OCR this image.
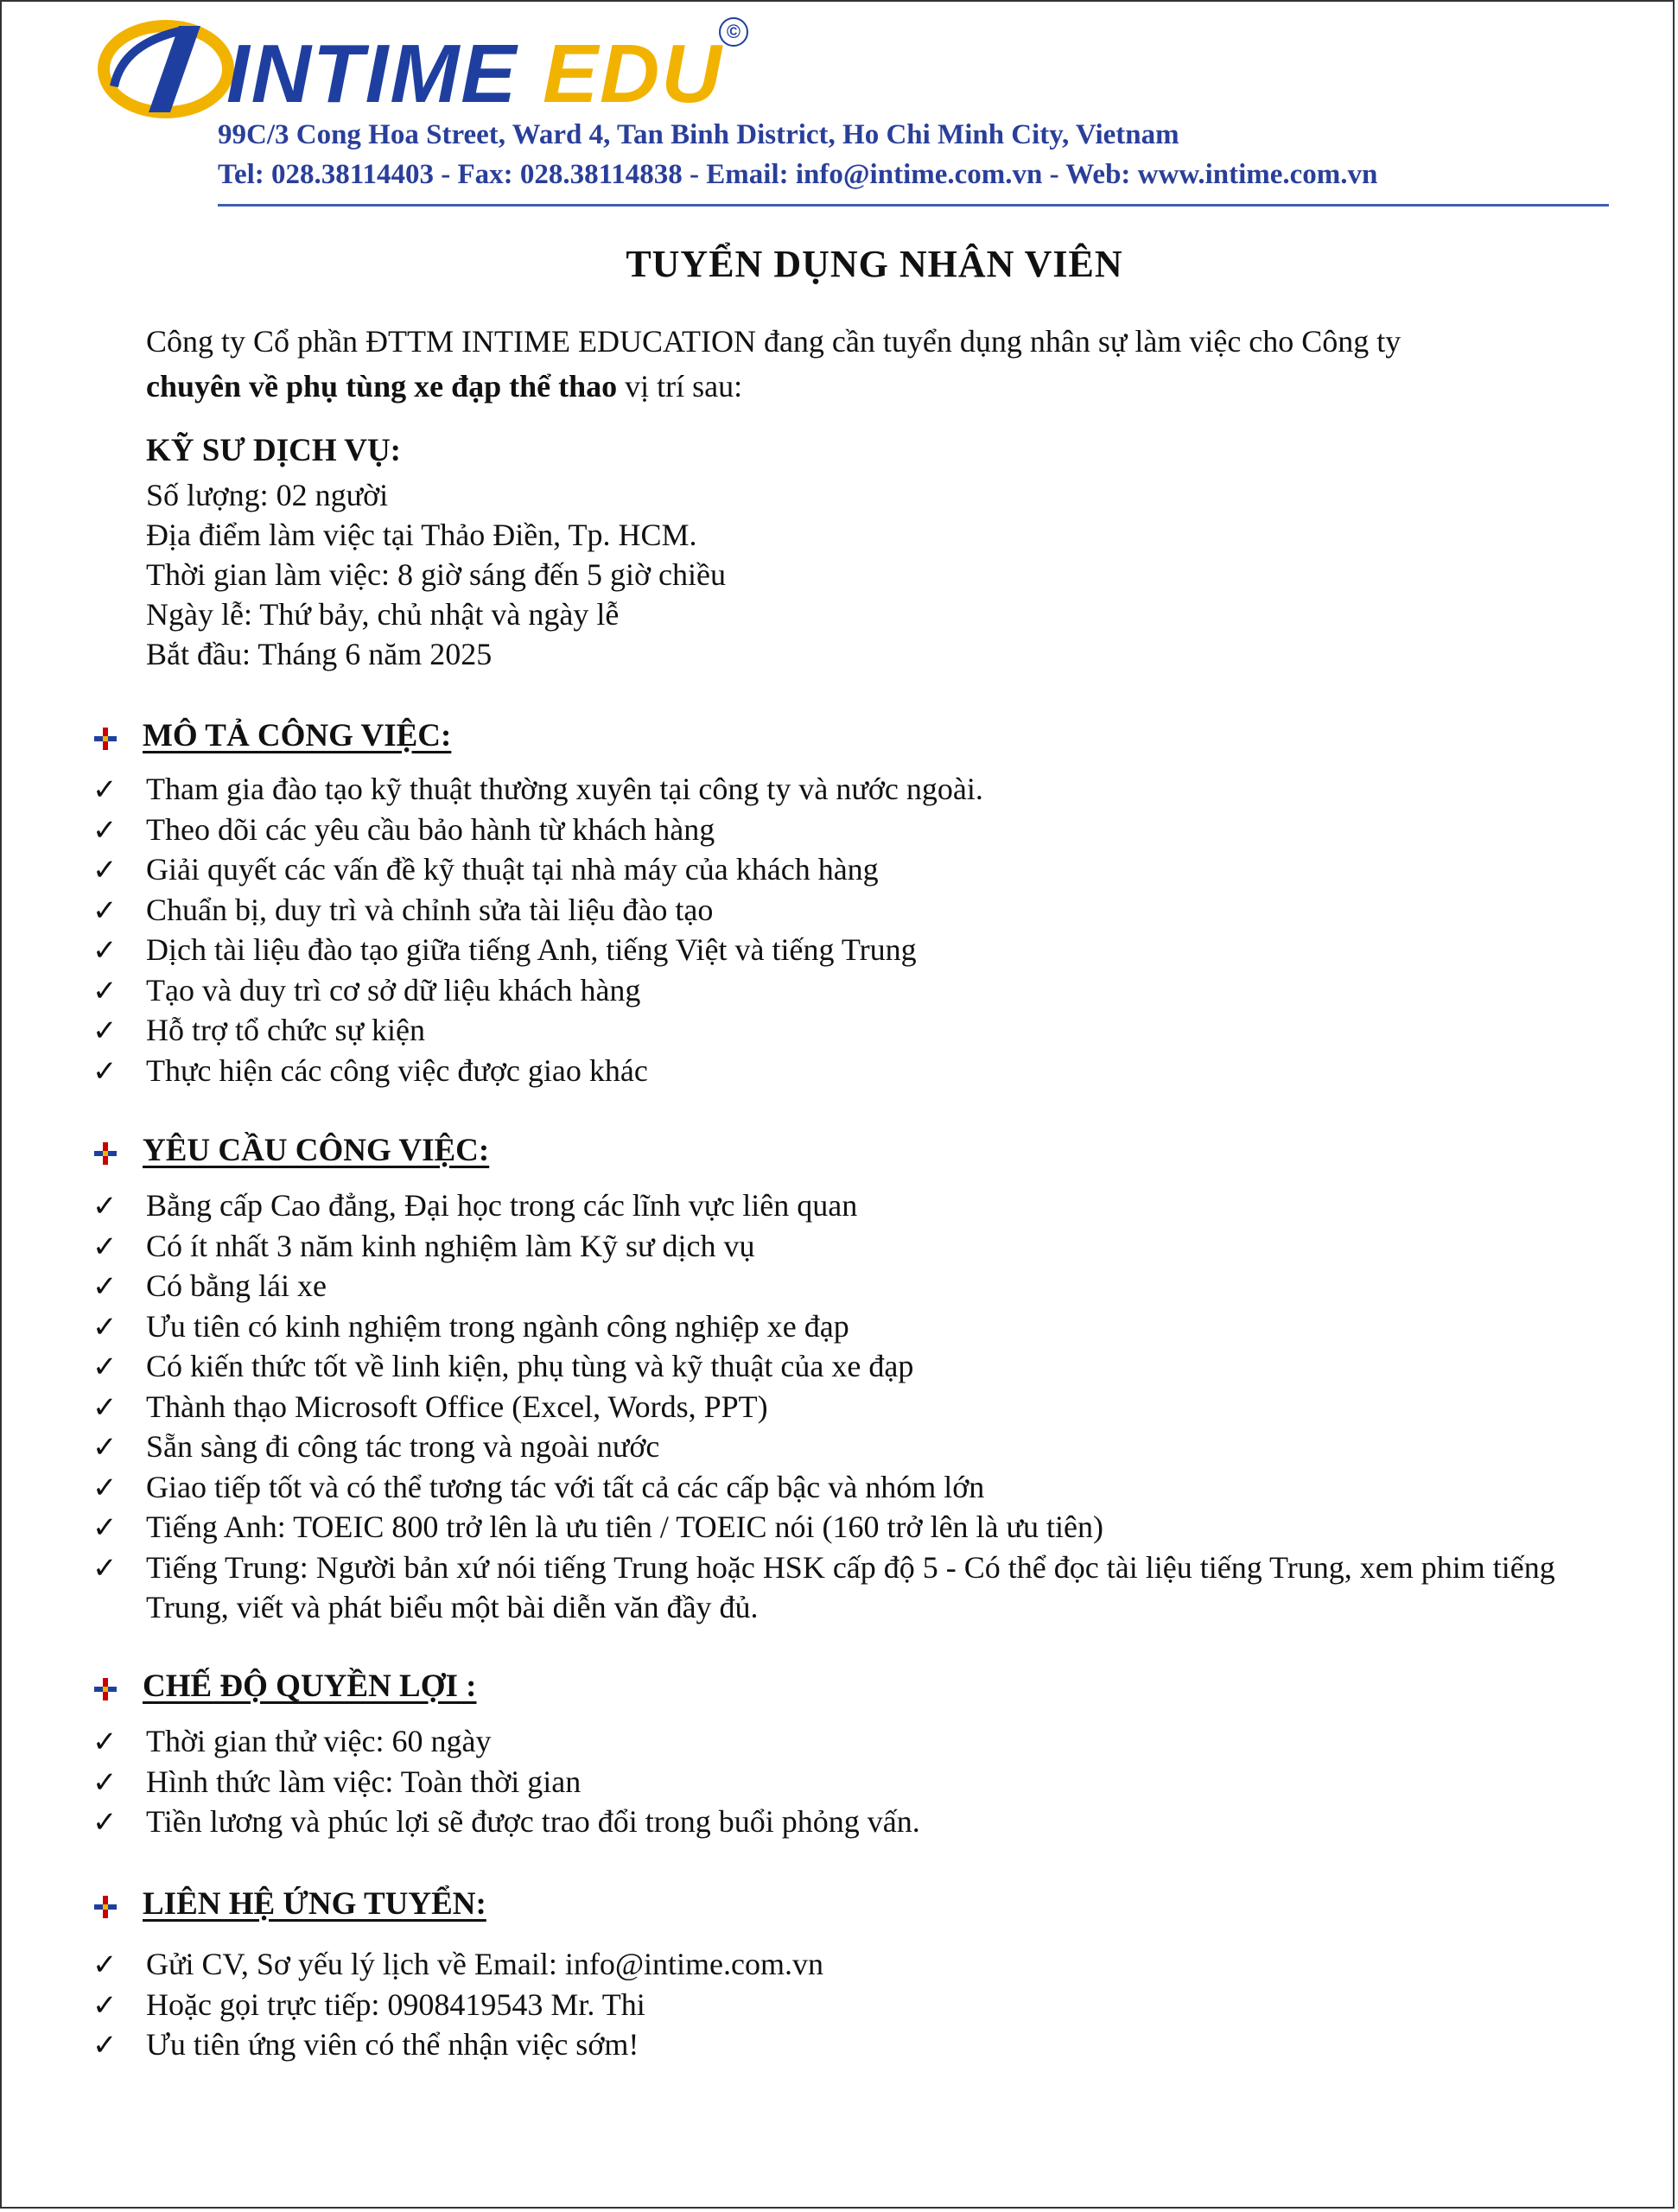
INTIME EDU ©
99C/3 Cong Hoa Street, Ward 4, Tan Binh District, Ho Chi Minh City, Vietnam
Tel: 028.38114403 - Fax: 028.38114838 - Email: info@intime.com.vn - Web: www.intime.com.vn
TUYỂN DỤNG NHÂN VIÊN
Công ty Cổ phần ĐTTM INTIME EDUCATION đang cần tuyển dụng nhân sự làm việc cho Công ty
chuyên về phụ tùng xe đạp thể thao vị trí sau:
KỸ SƯ DỊCH VỤ:
Số lượng: 02 người
Địa điểm làm việc tại Thảo Điền, Tp. HCM.
Thời gian làm việc: 8 giờ sáng đến 5 giờ chiều
Ngày lễ: Thứ bảy, chủ nhật và ngày lễ
Bắt đầu: Tháng 6 năm 2025
MÔ TẢ CÔNG VIỆC:
✓ Tham gia đào tạo kỹ thuật thường xuyên tại công ty và nước ngoài.
✓ Theo dõi các yêu cầu bảo hành từ khách hàng
✓ Giải quyết các vấn đề kỹ thuật tại nhà máy của khách hàng
✓ Chuẩn bị, duy trì và chỉnh sửa tài liệu đào tạo
✓ Dịch tài liệu đào tạo giữa tiếng Anh, tiếng Việt và tiếng Trung
✓ Tạo và duy trì cơ sở dữ liệu khách hàng
✓ Hỗ trợ tổ chức sự kiện
✓ Thực hiện các công việc được giao khác
YÊU CẦU CÔNG VIỆC:
✓ Bằng cấp Cao đẳng, Đại học trong các lĩnh vực liên quan
✓ Có ít nhất 3 năm kinh nghiệm làm Kỹ sư dịch vụ
✓ Có bằng lái xe
✓ Ưu tiên có kinh nghiệm trong ngành công nghiệp xe đạp
✓ Có kiến thức tốt về linh kiện, phụ tùng và kỹ thuật của xe đạp
✓ Thành thạo Microsoft Office (Excel, Words, PPT)
✓ Sẵn sàng đi công tác trong và ngoài nước
✓ Giao tiếp tốt và có thể tương tác với tất cả các cấp bậc và nhóm lớn
✓ Tiếng Anh: TOEIC 800 trở lên là ưu tiên / TOEIC nói (160 trở lên là ưu tiên)
✓ Tiếng Trung: Người bản xứ nói tiếng Trung hoặc HSK cấp độ 5 - Có thể đọc tài liệu tiếng Trung, xem phim tiếng Trung, viết và phát biểu một bài diễn văn đầy đủ.
CHẾ ĐỘ QUYỀN LỢI :
✓ Thời gian thử việc: 60 ngày
✓ Hình thức làm việc: Toàn thời gian
✓ Tiền lương và phúc lợi sẽ được trao đổi trong buổi phỏng vấn.
LIÊN HỆ ỨNG TUYỂN:
✓ Gửi CV, Sơ yếu lý lịch về Email: info@intime.com.vn
✓ Hoặc gọi trực tiếp: 0908419543 Mr. Thi
✓ Ưu tiên ứng viên có thể nhận việc sớm!
